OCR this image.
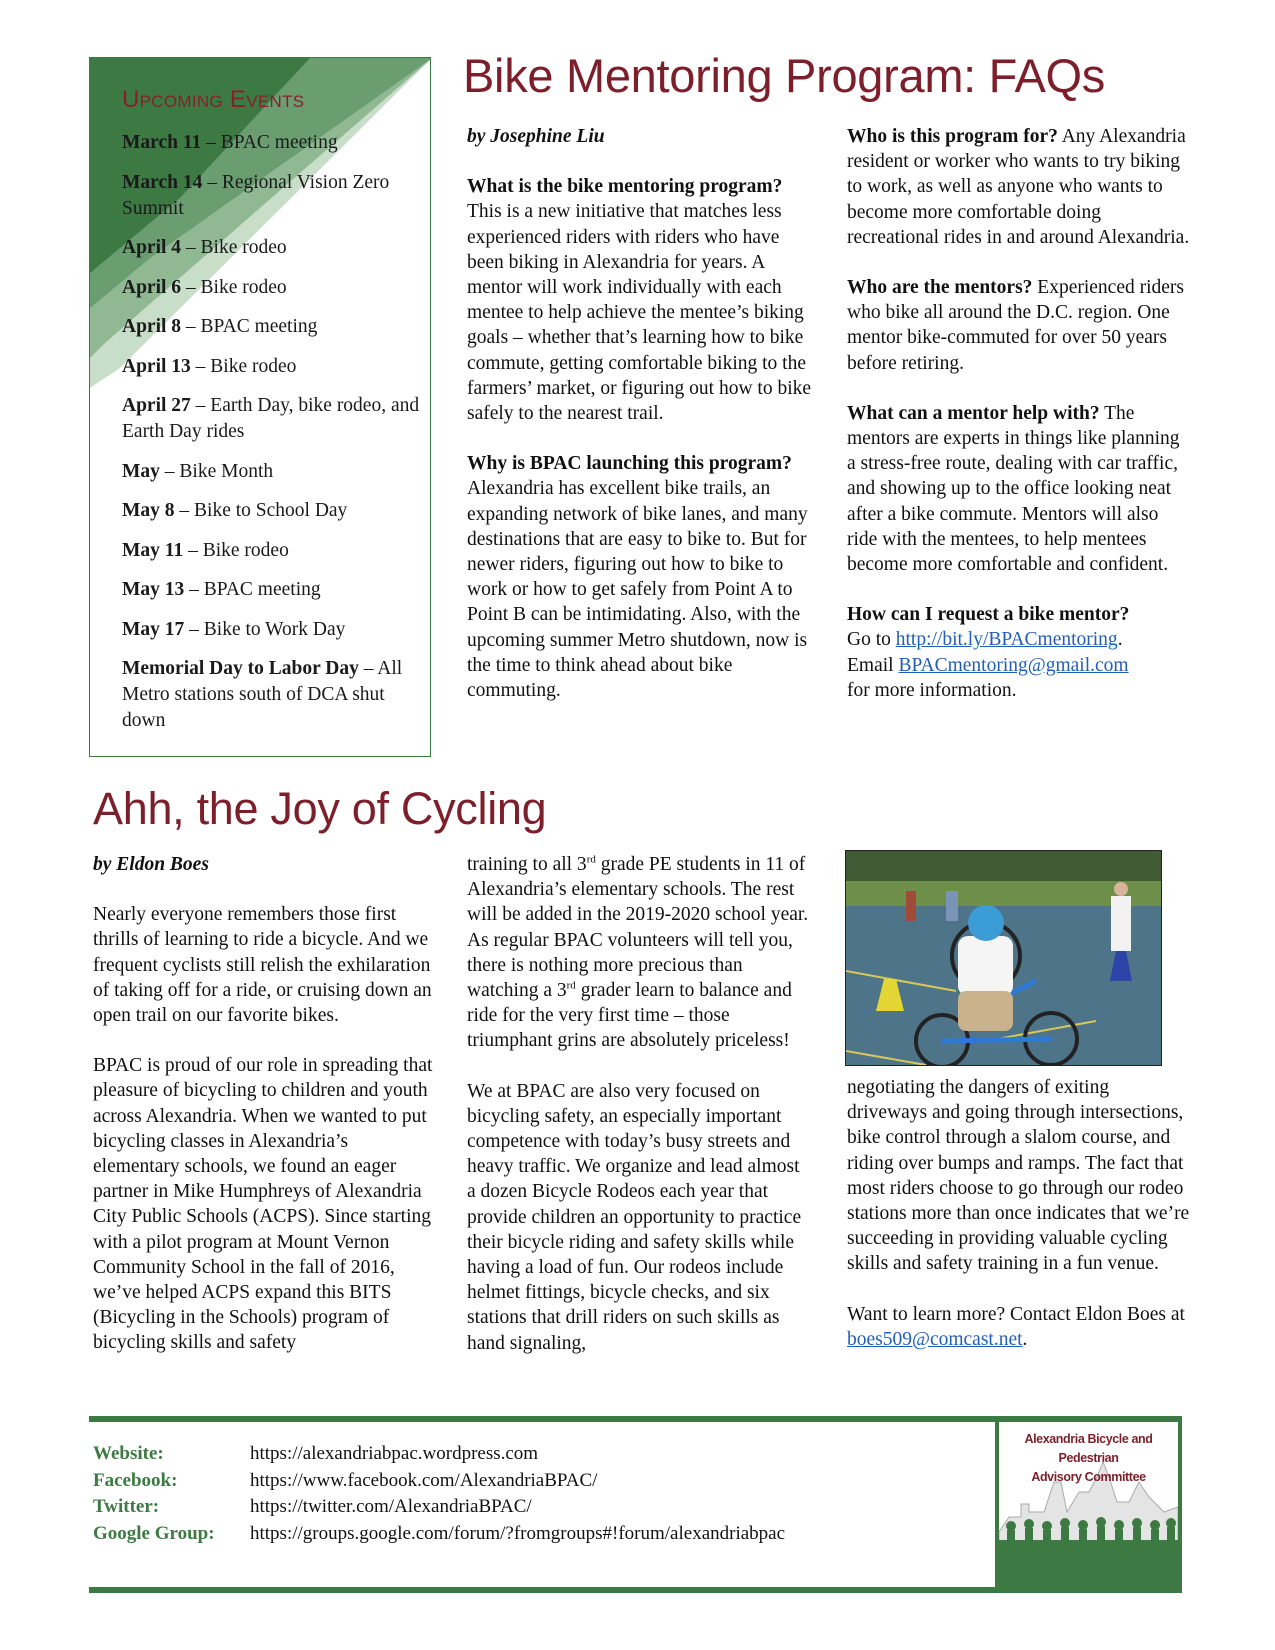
Upcoming Events
March 11 – BPAC meeting
March 14 – Regional Vision Zero Summit
April 4 – Bike rodeo
April 6 – Bike rodeo
April 8 – BPAC meeting
April 13 – Bike rodeo
April 27 – Earth Day, bike rodeo, and Earth Day rides
May – Bike Month
May 8 – Bike to School Day
May 11 – Bike rodeo
May 13 – BPAC meeting
May 17 – Bike to Work Day
Memorial Day to Labor Day – All Metro stations south of DCA shut down
Bike Mentoring Program: FAQs

by Josephine Liu

What is the bike mentoring program? This is a new initiative that matches less experienced riders with riders who have been biking in Alexandria for years. A mentor will work individually with each mentee to help achieve the mentee’s biking goals – whether that’s learning how to bike commute, getting comfortable biking to the farmers’ market, or figuring out how to bike safely to the nearest trail.

Why is BPAC launching this program? Alexandria has excellent bike trails, an expanding network of bike lanes, and many destinations that are easy to bike to. But for newer riders, figuring out how to bike to work or how to get safely from Point A to Point B can be intimidating. Also, with the upcoming summer Metro shutdown, now is the time to think ahead about bike commuting.

Who is this program for? Any Alexandria resident or worker who wants to try biking to work, as well as anyone who wants to become more comfortable doing recreational rides in and around Alexandria.

Who are the mentors? Experienced riders who bike all around the D.C. region. One mentor bike-commuted for over 50 years before retiring.

What can a mentor help with? The mentors are experts in things like planning a stress-free route, dealing with car traffic, and showing up to the office looking neat after a bike commute. Mentors will also ride with the mentees, to help mentees become more comfortable and confident.

How can I request a bike mentor?
Go to http://bit.ly/BPACmentoring.
Email BPACmentoring@gmail.com
for more information.

Ahh, the Joy of Cycling

by Eldon Boes

Nearly everyone remembers those first thrills of learning to ride a bicycle. And we frequent cyclists still relish the exhilaration of taking off for a ride, or cruising down an open trail on our favorite bikes.

BPAC is proud of our role in spreading that pleasure of bicycling to children and youth across Alexandria. When we wanted to put bicycling classes in Alexandria’s elementary schools, we found an eager partner in Mike Humphreys of Alexandria City Public Schools (ACPS). Since starting with a pilot program at Mount Vernon Community School in the fall of 2016, we’ve helped ACPS expand this BITS (Bicycling in the Schools) program of bicycling skills and safety

training to all 3rd grade PE students in 11 of Alexandria’s elementary schools. The rest will be added in the 2019-2020 school year. As regular BPAC volunteers will tell you, there is nothing more precious than watching a 3rd grader learn to balance and ride for the very first time – those triumphant grins are absolutely priceless!

We at BPAC are also very focused on bicycling safety, an especially important competence with today’s busy streets and heavy traffic. We organize and lead almost a dozen Bicycle Rodeos each year that provide children an opportunity to practice their bicycle riding and safety skills while having a load of fun. Our rodeos include helmet fittings, bicycle checks, and six stations that drill riders on such skills as hand signaling,

negotiating the dangers of exiting driveways and going through intersections, bike control through a slalom course, and riding over bumps and ramps. The fact that most riders choose to go through our rodeo stations more than once indicates that we’re succeeding in providing valuable cycling skills and safety training in a fun venue.

Want to learn more? Contact Eldon Boes at boes509@comcast.net.

Website:	https://alexandriabpac.wordpress.com
Facebook:	https://www.facebook.com/AlexandriaBPAC/
Twitter:	https://twitter.com/AlexandriaBPAC/
Google Group:	https://groups.google.com/forum/?fromgroups#!forum/alexandriabpac
Alexandria Bicycle and Pedestrian
Advisory Committee
